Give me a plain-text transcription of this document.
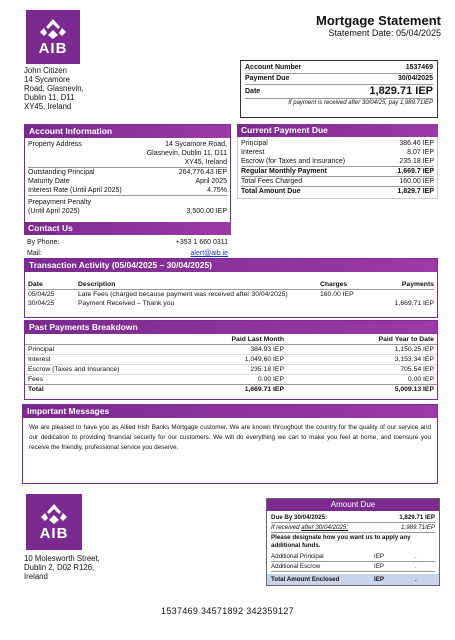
AIB
Mortgage Statement
Statement Date: 05/04/2025
John Citizen
14 Sycamore
Road, Glasnevin,
Dublin 11, D11
XY45, Ireland
Account Number	1537469
Payment Due	30/04/2025
Date	1,829.71 IEP
If payment is received after 30/04/25, pay 1,989.71IEP
Account Information
Property Address	14 Sycamore Road,
Glasnevin, Dublin 11, D11
XY45, Ireland
Outstanding Principal	264,776.43 IEP
Maturity Date	April 2025
Interest Rate (Until April 2025)	4.75%
Prepayment Penalty
(Until April 2025)	3,500.00 IEP
Current Payment Due
Principal	386.46 IEP
Interest	8.07 IEP
Escrow (for Taxes and Insurance)	235.18 IEP
Regular Monthly Payment	1,669.7 IEP
Total Fees Charged	160.00 IEP
Total Amount Due	1,829.7 IEP
Contact Us
By Phone:	+353 1 660 0311
Mail:	alert@aib.ie
Transaction Activity (05/04/2025 – 30/04/2025)
Date	Description	Charges	Payments

05/04/25	Late Fees (charged because payment was received after 30/04/2025)	160.00 IEP	
30/04/25	Payment Received – Thank you		1,669.71 IEP
Past Payments Breakdown
	Paid Last Month	Paid Year to Date
Principal	384.93 IEP	1,150.25 IEP
Interest	1,049.60 IEP	3,153.34 IEP
Escrow (Taxes and Insurance)	235.18 IEP	705.54 IEP
Fees	0.00 IEP	0.00 IEP
Total	1,669.71 IEP	5,009.13 IEP
Important Messages
We are pleased to have you as Allied Irish Banks Mortgage customer. We are known throughout the country for the quality of our service and our dedication to providing financial security for our customers. We will do everything we can to make you feel at home, and toensure you receive the friendly, professional service you deserve.
AIB
10 Molesworth Street,
Dublin 2, D02 R126,
Ireland
Amount Due
Due By 30/04/2025:	1,829.71 IEP
If received after 30/04/2025:	1,989.71IEP
Please designate how you want us to apply any additional funds.
Additional Principal	IEP	.
Additional Escrow	IEP	.
Total Amount Enclosed	IEP	.
1537469 34571892 342359127
